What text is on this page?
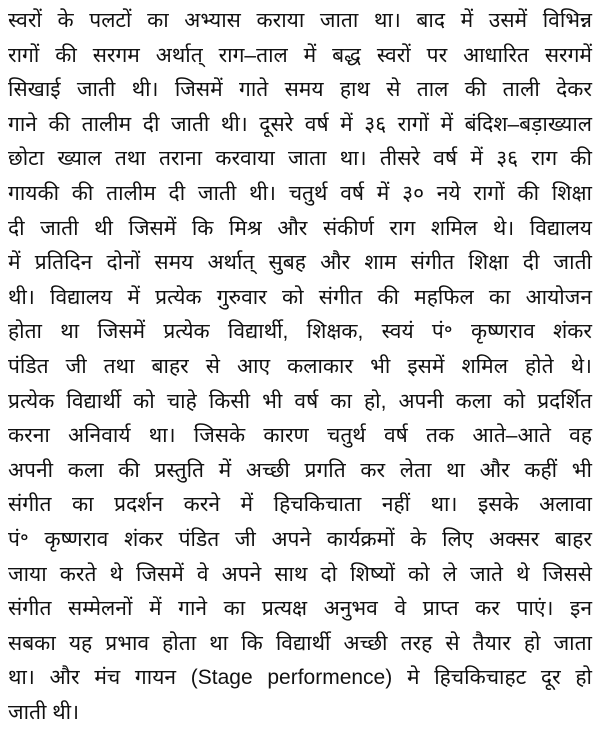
स्वरों के पलटों का अभ्यास कराया जाता था। बाद में उसमें विभिन्न
रागों की सरगम अर्थात् राग–ताल में बद्ध स्वरों पर आधारित सरगमें
सिखाई जाती थी। जिसमें गाते समय हाथ से ताल की ताली देकर
गाने की तालीम दी जाती थी। दूसरे वर्ष में ३६ रागों में बंदिश–बड़ाख्याल
छोटा ख्याल तथा तराना करवाया जाता था। तीसरे वर्ष में ३६ राग की
गायकी की तालीम दी जाती थी। चतुर्थ वर्ष में ३० नये रागों की शिक्षा
दी जाती थी जिसमें कि मिश्र और संकीर्ण राग शमिल थे। विद्यालय
में प्रतिदिन दोनों समय अर्थात् सुबह और शाम संगीत शिक्षा दी जाती
थी। विद्यालय में प्रत्येक गुरुवार को संगीत की महफिल का आयोजन
होता था जिसमें प्रत्येक विद्यार्थी, शिक्षक, स्वयं पं॰ कृष्णराव शंकर
पंडित जी तथा बाहर से आए कलाकार भी इसमें शमिल होते थे।
प्रत्येक विद्यार्थी को चाहे किसी भी वर्ष का हो, अपनी कला को प्रदर्शित
करना अनिवार्य था। जिसके कारण चतुर्थ वर्ष तक आते–आते वह
अपनी कला की प्रस्तुति में अच्छी प्रगति कर लेता था और कहीं भी
संगीत का प्रदर्शन करने में हिचकिचाता नहीं था। इसके अलावा
पं॰ कृष्णराव शंकर पंडित जी अपने कार्यक्रमों के लिए अक्सर बाहर
जाया करते थे जिसमें वे अपने साथ दो शिष्यों को ले जाते थे जिससे
संगीत सम्मेलनों में गाने का प्रत्यक्ष अनुभव वे प्राप्त कर पाएं। इन
सबका यह प्रभाव होता था कि विद्यार्थी अच्छी तरह से तैयार हो जाता
था। और मंच गायन (Stage performence) मे हिचकिचाहट दूर हो
जाती थी।
